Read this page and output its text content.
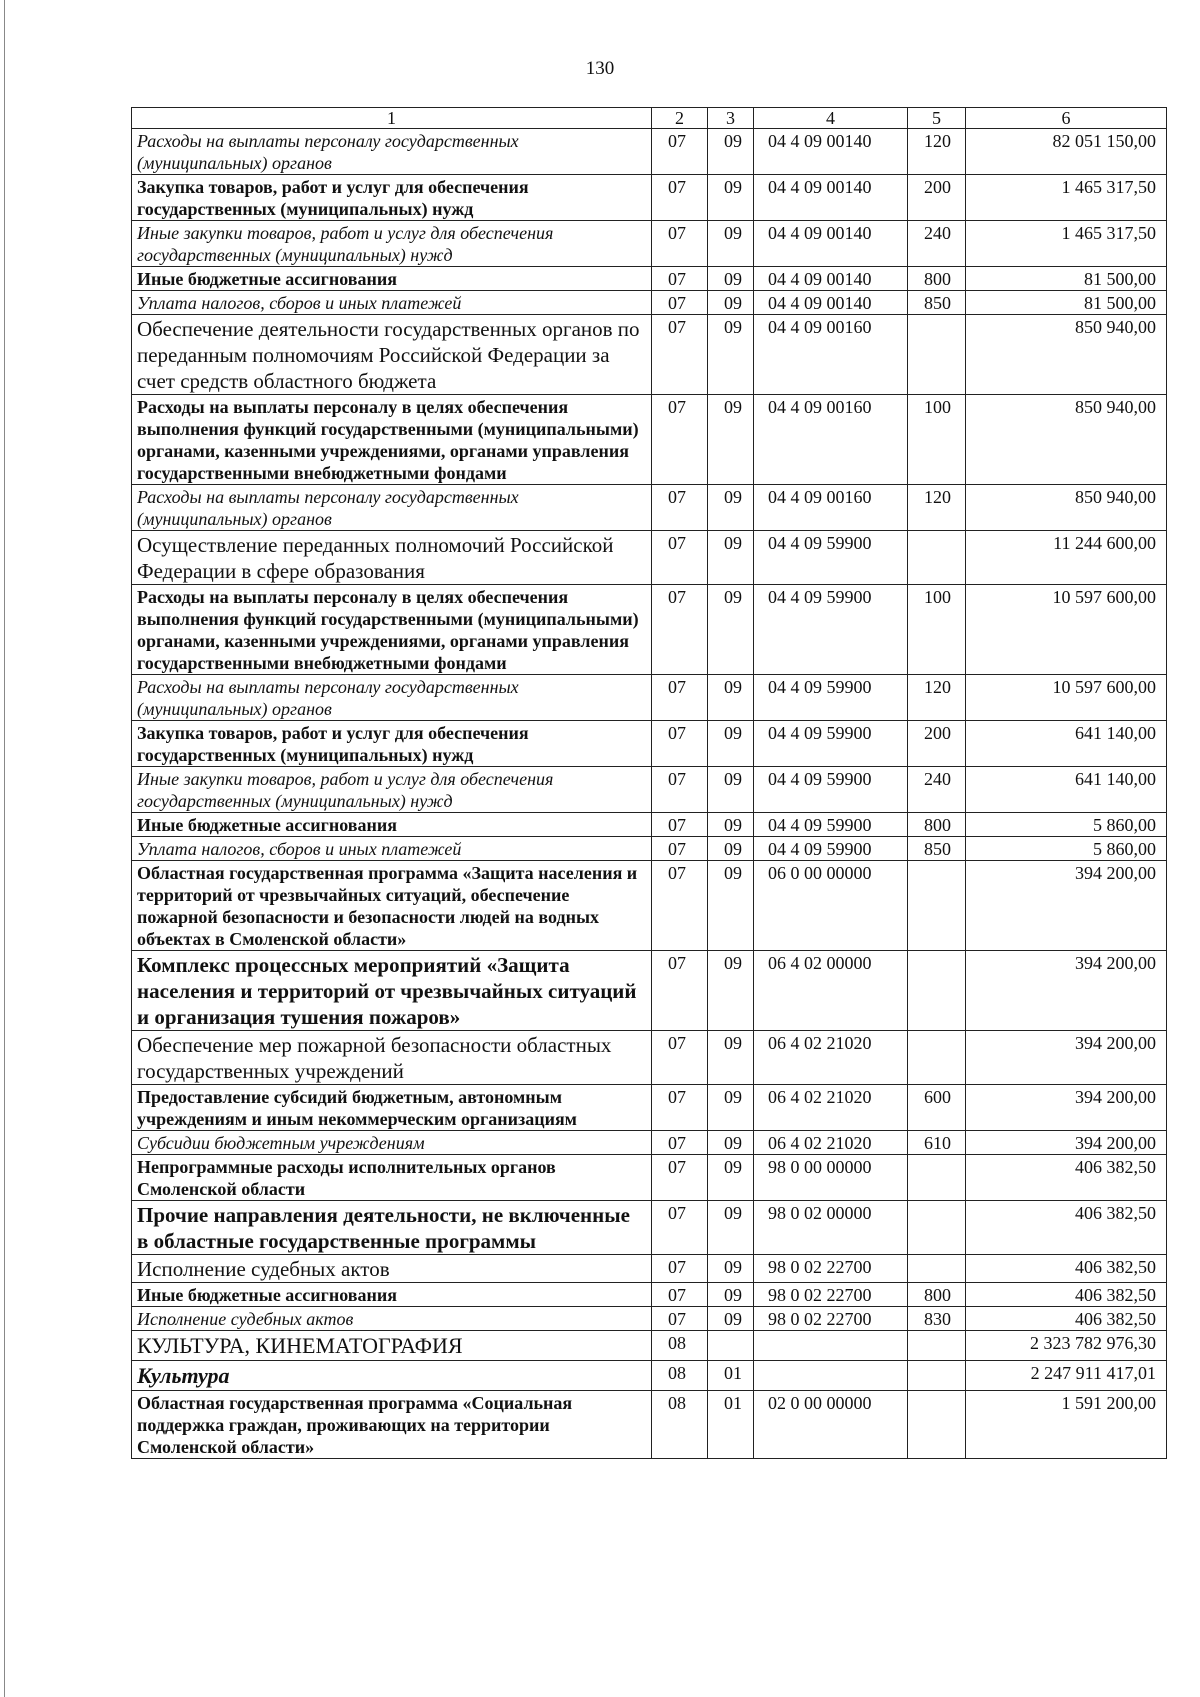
130
1	2	3	4	5	6
Расходы на выплаты персоналу государственных (муниципальных) органов	07	09	04 4 09 00140	120	82 051 150,00
Закупка товаров, работ и услуг для обеспечения государственных (муниципальных) нужд	07	09	04 4 09 00140	200	1 465 317,50
Иные закупки товаров, работ и услуг для обеспечения государственных (муниципальных) нужд	07	09	04 4 09 00140	240	1 465 317,50
Иные бюджетные ассигнования	07	09	04 4 09 00140	800	81 500,00
Уплата налогов, сборов и иных платежей	07	09	04 4 09 00140	850	81 500,00
Обеспечение деятельности государственных органов по переданным полномочиям Российской Федерации за счет средств областного бюджета	07	09	04 4 09 00160		850 940,00
Расходы на выплаты персоналу в целях обеспечения выполнения функций государственными (муниципальными) органами, казенными учреждениями, органами управления государственными внебюджетными фондами	07	09	04 4 09 00160	100	850 940,00
Расходы на выплаты персоналу государственных (муниципальных) органов	07	09	04 4 09 00160	120	850 940,00
Осуществление переданных полномочий Российской Федерации в сфере образования	07	09	04 4 09 59900		11 244 600,00
Расходы на выплаты персоналу в целях обеспечения выполнения функций государственными (муниципальными) органами, казенными учреждениями, органами управления государственными внебюджетными фондами	07	09	04 4 09 59900	100	10 597 600,00
Расходы на выплаты персоналу государственных (муниципальных) органов	07	09	04 4 09 59900	120	10 597 600,00
Закупка товаров, работ и услуг для обеспечения государственных (муниципальных) нужд	07	09	04 4 09 59900	200	641 140,00
Иные закупки товаров, работ и услуг для обеспечения государственных (муниципальных) нужд	07	09	04 4 09 59900	240	641 140,00
Иные бюджетные ассигнования	07	09	04 4 09 59900	800	5 860,00
Уплата налогов, сборов и иных платежей	07	09	04 4 09 59900	850	5 860,00
Областная государственная программа «Защита населения и территорий от чрезвычайных ситуаций, обеспечение пожарной безопасности и безопасности людей на водных объектах в Смоленской области»	07	09	06 0 00 00000		394 200,00
Комплекс процессных мероприятий «Защита населения и территорий от чрезвычайных ситуаций и организация тушения пожаров»	07	09	06 4 02 00000		394 200,00
Обеспечение мер пожарной безопасности областных государственных учреждений	07	09	06 4 02 21020		394 200,00
Предоставление субсидий бюджетным, автономным учреждениям и иным некоммерческим организациям	07	09	06 4 02 21020	600	394 200,00
Субсидии бюджетным учреждениям	07	09	06 4 02 21020	610	394 200,00
Непрограммные расходы исполнительных органов Смоленской области	07	09	98 0 00 00000		406 382,50
Прочие направления деятельности, не включенные в областные государственные программы	07	09	98 0 02 00000		406 382,50
Исполнение судебных актов	07	09	98 0 02 22700		406 382,50
Иные бюджетные ассигнования	07	09	98 0 02 22700	800	406 382,50
Исполнение судебных актов	07	09	98 0 02 22700	830	406 382,50
КУЛЬТУРА, КИНЕМАТОГРАФИЯ	08				2 323 782 976,30
Культура	08	01			2 247 911 417,01
Областная государственная программа «Социальная поддержка граждан, проживающих на территории Смоленской области»	08	01	02 0 00 00000		1 591 200,00
